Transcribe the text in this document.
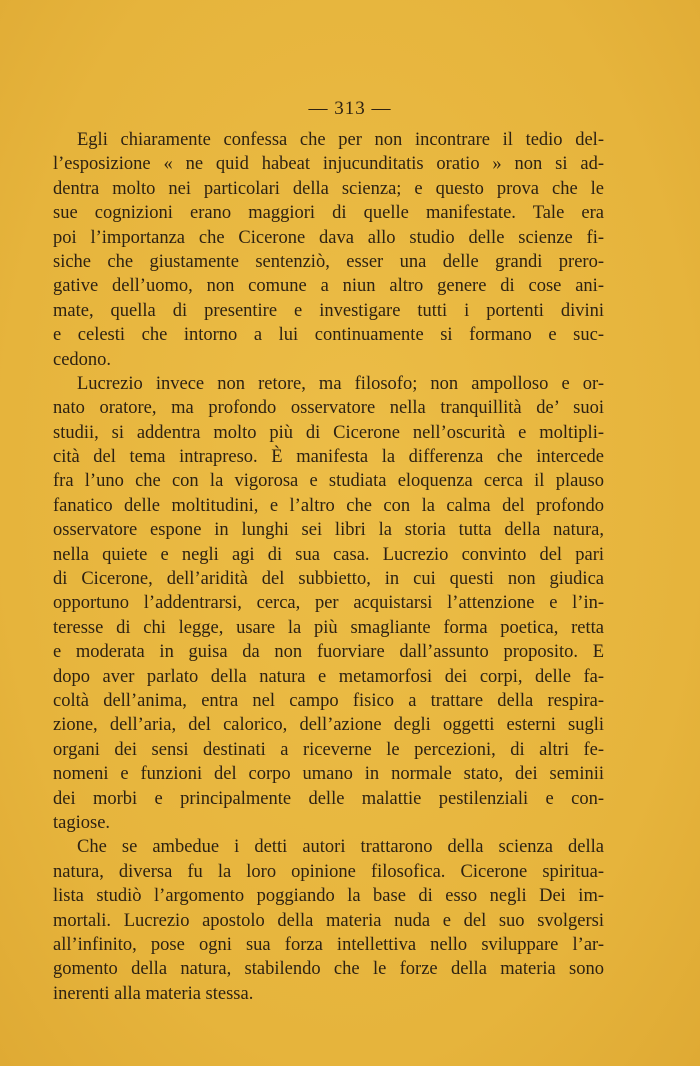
— 313 —
Egli chiaramente confessa che per non incontrare il tedio del-
l’esposizione « ne quid habeat injucunditatis oratio » non si ad-
dentra molto nei particolari della scienza; e questo prova che le
sue cognizioni erano maggiori di quelle manifestate. Tale era
poi l’importanza che Cicerone dava allo studio delle scienze fi-
siche che giustamente sentenziò, esser una delle grandi prero-
gative dell’uomo, non comune a niun altro genere di cose ani-
mate, quella di presentire e investigare tutti i portenti divini
e celesti che intorno a lui continuamente si formano e suc-
cedono.
Lucrezio invece non retore, ma filosofo; non ampolloso e or-
nato oratore, ma profondo osservatore nella tranquillità de’ suoi
studii, si addentra molto più di Cicerone nell’oscurità e moltipli-
cità del tema intrapreso. È manifesta la differenza che intercede
fra l’uno che con la vigorosa e studiata eloquenza cerca il plauso
fanatico delle moltitudini, e l’altro che con la calma del profondo
osservatore espone in lunghi sei libri la storia tutta della natura,
nella quiete e negli agi di sua casa. Lucrezio convinto del pari
di Cicerone, dell’aridità del subbietto, in cui questi non giudica
opportuno l’addentrarsi, cerca, per acquistarsi l’attenzione e l’in-
teresse di chi legge, usare la più smagliante forma poetica, retta
e moderata in guisa da non fuorviare dall’assunto proposito. E
dopo aver parlato della natura e metamorfosi dei corpi, delle fa-
coltà dell’anima, entra nel campo fisico a trattare della respira-
zione, dell’aria, del calorico, dell’azione degli oggetti esterni sugli
organi dei sensi destinati a riceverne le percezioni, di altri fe-
nomeni e funzioni del corpo umano in normale stato, dei seminii
dei morbi e principalmente delle malattie pestilenziali e con-
tagiose.
Che se ambedue i detti autori trattarono della scienza della
natura, diversa fu la loro opinione filosofica. Cicerone spiritua-
lista studiò l’argomento poggiando la base di esso negli Dei im-
mortali. Lucrezio apostolo della materia nuda e del suo svolgersi
all’infinito, pose ogni sua forza intellettiva nello sviluppare l’ar-
gomento della natura, stabilendo che le forze della materia sono
inerenti alla materia stessa.
